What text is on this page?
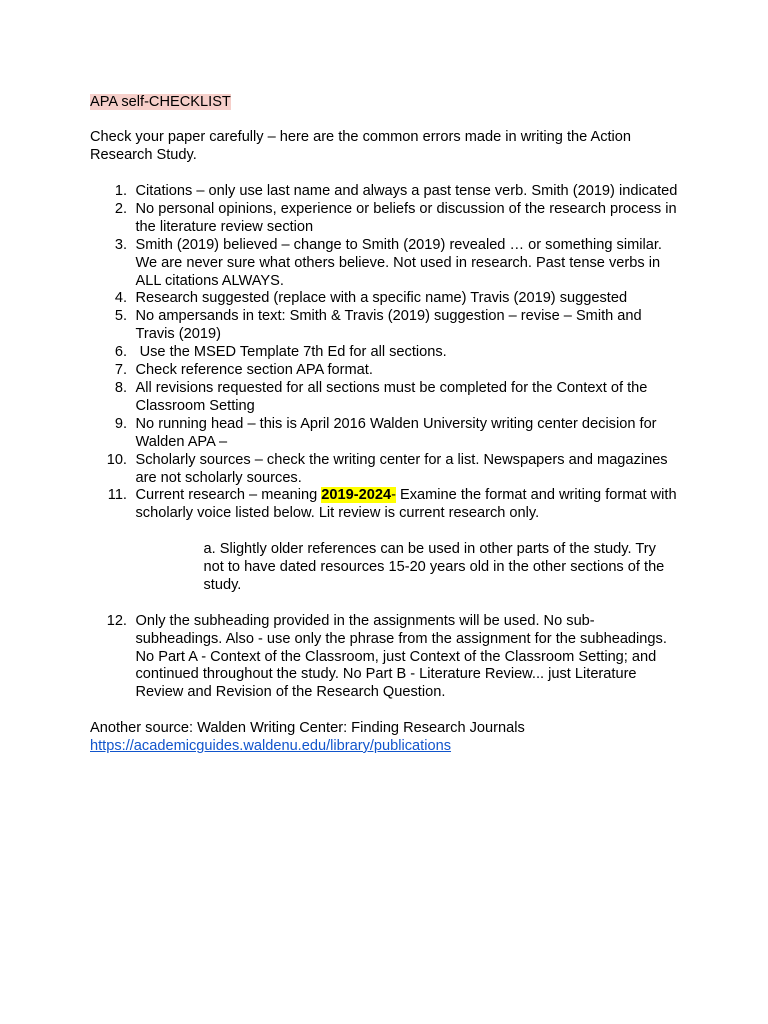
APA self-CHECKLIST

Check your paper carefully – here are the common errors made in writing the Action Research Study.

1. Citations – only use last name and always a past tense verb. Smith (2019) indicated
2. No personal opinions, experience or beliefs or discussion of the research process in the literature review section
3. Smith (2019) believed – change to Smith (2019) revealed … or something similar. We are never sure what others believe. Not used in research. Past tense verbs in ALL citations ALWAYS.
4. Research suggested (replace with a specific name) Travis (2019) suggested
5. No ampersands in text: Smith & Travis (2019) suggestion – revise – Smith and Travis (2019)
6. Use the MSED Template 7th Ed for all sections.
7. Check reference section APA format.
8. All revisions requested for all sections must be completed for the Context of the Classroom Setting
9. No running head – this is April 2016 Walden University writing center decision for Walden APA –
10. Scholarly sources – check the writing center for a list. Newspapers and magazines are not scholarly sources.
11. Current research – meaning 2019-2024- Examine the format and writing format with scholarly voice listed below. Lit review is current research only.
a. Slightly older references can be used in other parts of the study. Try not to have dated resources 15-20 years old in the other sections of the study.
12. Only the subheading provided in the assignments will be used. No sub-subheadings. Also - use only the phrase from the assignment for the subheadings. No Part A - Context of the Classroom, just Context of the Classroom Setting; and continued throughout the study. No Part B - Literature Review... just Literature Review and Revision of the Research Question.
Another source: Walden Writing Center: Finding Research Journals
https://academicguides.waldenu.edu/library/publications
